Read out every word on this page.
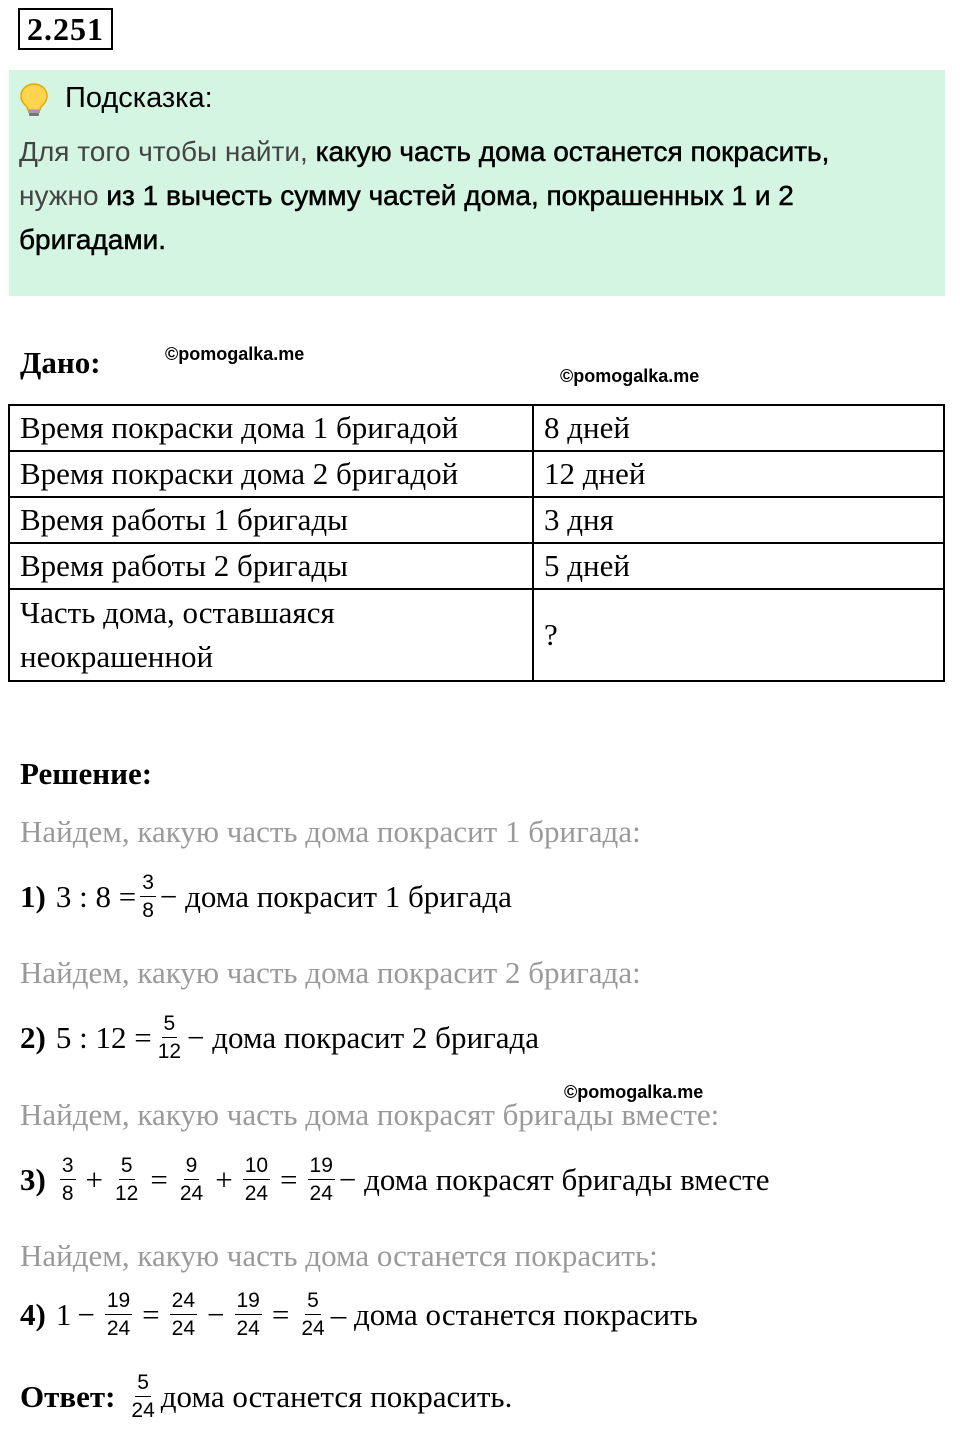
2.251
Подсказка:
Для того чтобы найти, какую часть дома останется покрасить,
нужно из 1 вычесть сумму частей дома, покрашенных 1 и 2 бригадами.
©pomogalka.me
©pomogalka.me
Дано:
Время покраски дома 1 бригадой	8 дней
Время покраски дома 2 бригадой	12 дней
Время работы 1 бригады	3 дня
Время работы 2 бригады	5 дней
Часть дома, оставшаяся неокрашенной	?
Решение:
Найдем, какую часть дома покрасит 1 бригада:
1) 3 : $8 = \frac{3}{8}$ − дома покрасит 1 бригада
Найдем, какую часть дома покрасит 2 бригада:
2) 5 : $12 = \frac{5}{12}$ − дома покрасит 2 бригада
©pomogalka.me
Найдем, какую часть дома покрасят бригады вместе:
$3) \frac{3}{8} + \frac{5}{12} = \frac{9}{24} + \frac{10}{24} = \frac{19}{24}$ − дома покрасят бригады вместе
Найдем, какую часть дома останется покрасить:
4) $1 - \frac{19}{24} = \frac{24}{24} - \frac{19}{24} = \frac{5}{24}$ – дома останется покрасить
Ответ: $\frac{5}{24}$ дома останется покрасить.
